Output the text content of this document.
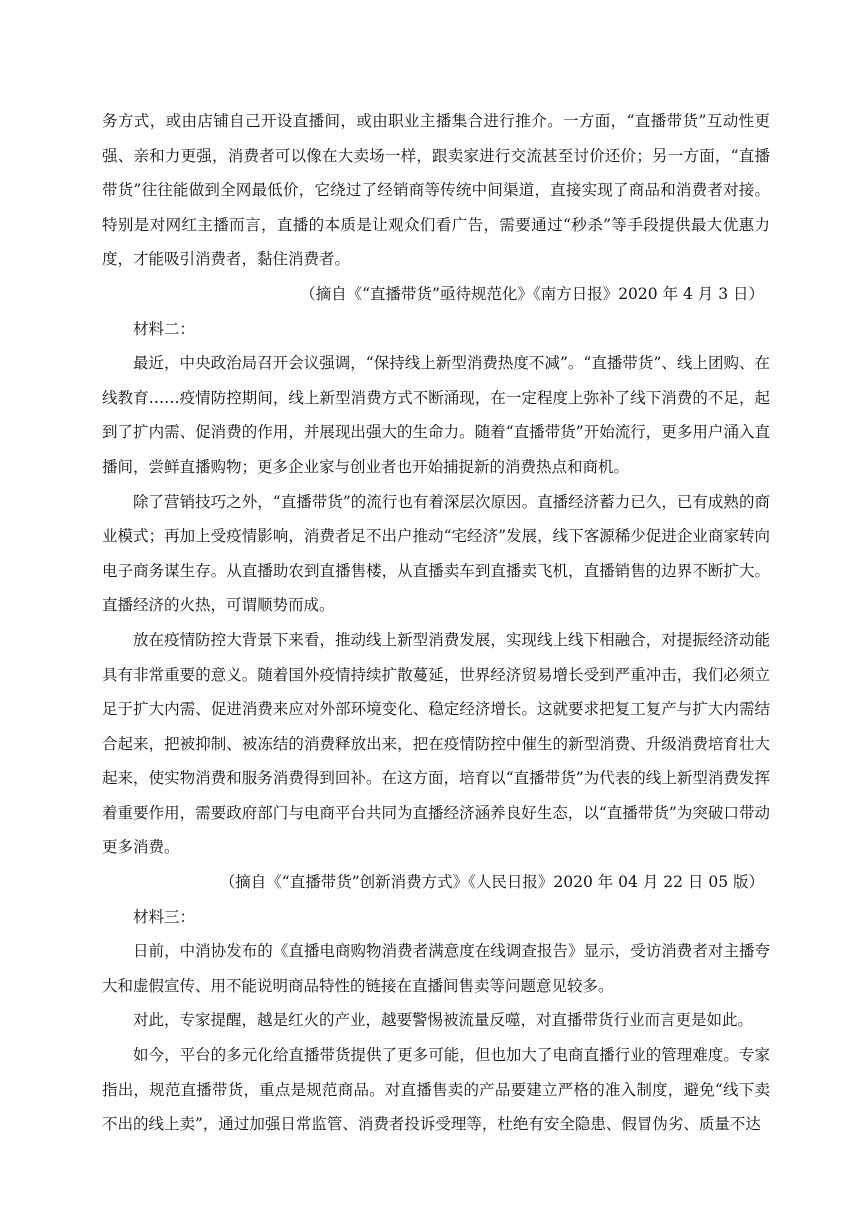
务方式，或由店铺自己开设直播间，或由职业主播集合进行推介。一方面，“直播带货”互动性更强、亲和力更强，消费者可以像在大卖场一样，跟卖家进行交流甚至讨价还价；另一方面，“直播带货”往往能做到全网最低价，它绕过了经销商等传统中间渠道，直接实现了商品和消费者对接。特别是对网红主播而言，直播的本质是让观众们看广告，需要通过“秒杀”等手段提供最大优惠力度，才能吸引消费者，黏住消费者。

（摘自《“直播带货”亟待规范化》《南方日报》2020 年 4 月 3 日）

材料二：

最近，中央政治局召开会议强调，“保持线上新型消费热度不减”。“直播带货”、线上团购、在线教育……疫情防控期间，线上新型消费方式不断涌现，在一定程度上弥补了线下消费的不足，起到了扩内需、促消费的作用，并展现出强大的生命力。随着“直播带货”开始流行，更多用户涌入直播间，尝鲜直播购物；更多企业家与创业者也开始捕捉新的消费热点和商机。

除了营销技巧之外，“直播带货”的流行也有着深层次原因。直播经济蓄力已久，已有成熟的商业模式；再加上受疫情影响，消费者足不出户推动“宅经济”发展，线下客源稀少促进企业商家转向电子商务谋生存。从直播助农到直播售楼，从直播卖车到直播卖飞机，直播销售的边界不断扩大。直播经济的火热，可谓顺势而成。

放在疫情防控大背景下来看，推动线上新型消费发展，实现线上线下相融合，对提振经济动能具有非常重要的意义。随着国外疫情持续扩散蔓延，世界经济贸易增长受到严重冲击，我们必须立足于扩大内需、促进消费来应对外部环境变化、稳定经济增长。这就要求把复工复产与扩大内需结合起来，把被抑制、被冻结的消费释放出来，把在疫情防控中催生的新型消费、升级消费培育壮大起来，使实物消费和服务消费得到回补。在这方面，培育以“直播带货”为代表的线上新型消费发挥着重要作用，需要政府部门与电商平台共同为直播经济涵养良好生态，以“直播带货”为突破口带动更多消费。

（摘自《“直播带货”创新消费方式》《人民日报》2020 年 04 月 22 日 05 版）

材料三：

日前，中消协发布的《直播电商购物消费者满意度在线调查报告》显示，受访消费者对主播夸大和虚假宣传、用不能说明商品特性的链接在直播间售卖等问题意见较多。

对此，专家提醒，越是红火的产业，越要警惕被流量反噬，对直播带货行业而言更是如此。

如今，平台的多元化给直播带货提供了更多可能，但也加大了电商直播行业的管理难度。专家指出，规范直播带货，重点是规范商品。对直播售卖的产品要建立严格的准入制度，避免“线下卖不出的线上卖”，通过加强日常监管、消费者投诉受理等，杜绝有安全隐患、假冒伪劣、质量不达
